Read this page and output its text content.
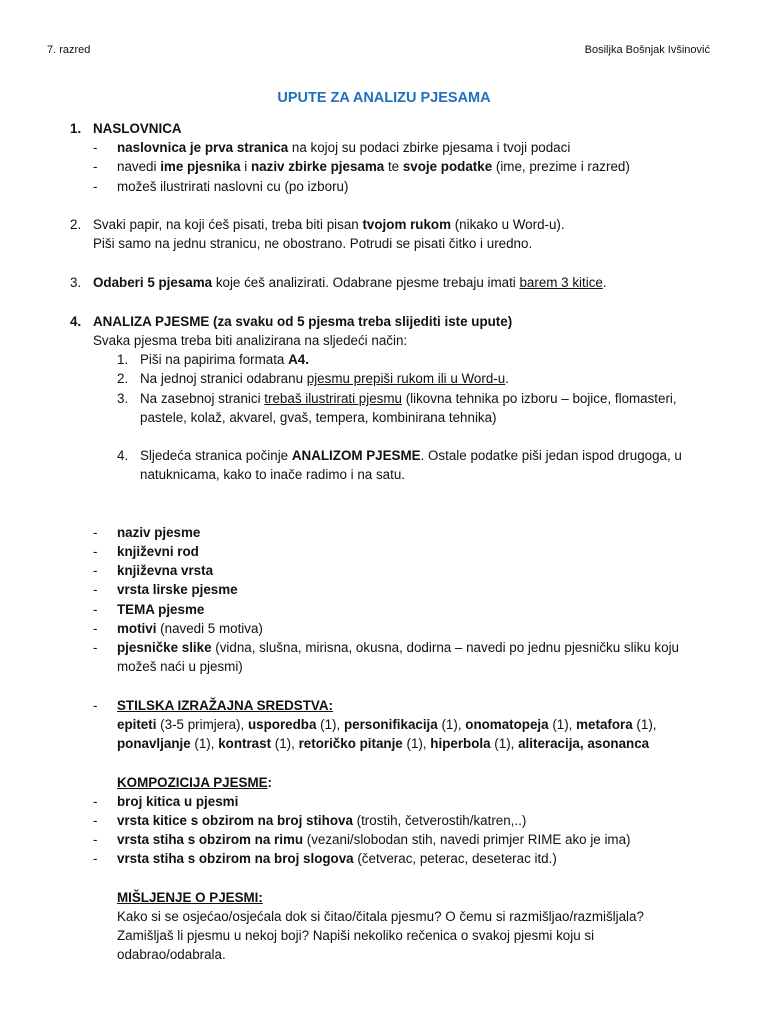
7. razred	Bosiljka Bošnjak Ivšinović
UPUTE ZA ANALIZU PJESAMA
1. NASLOVNICA
- naslovnica je prva stranica na kojoj su podaci zbirke pjesama i tvoji podaci
- navedi ime pjesnika i naziv zbirke pjesama te svoje podatke (ime, prezime i razred)
- možeš ilustrirati naslovni cu (po izboru)
2. Svaki papir, na koji ćeš pisati, treba biti pisan tvojom rukom (nikako u Word-u).
Piši samo na jednu stranicu, ne obostrano. Potrudi se pisati čitko i uredno.
3. Odaberi 5 pjesama koje ćeš analizirati. Odabrane pjesme trebaju imati barem 3 kitice.
4. ANALIZA PJESME (za svaku od 5 pjesma treba slijediti iste upute)
Svaka pjesma treba biti analizirana na sljedeći način:
1. Piši na papirima formata A4.
2. Na jednoj stranici odabranu pjesmu prepiši rukom ili u Word-u.
3. Na zasebnoj stranici trebaš ilustrirati pjesmu (likovna tehnika po izboru – bojice, flomasteri,
pastele, kolaž, akvarel, gvaš, tempera, kombinirana tehnika)
4. Sljedeća stranica počinje ANALIZOM PJESME. Ostale podatke piši jedan ispod drugoga, u
natuknicama, kako to inače radimo i na satu.
- naziv pjesme
- književni rod
- književna vrsta
- vrsta lirske pjesme
- TEMA pjesme
- motivi (navedi 5 motiva)
- pjesničke slike (vidna, slušna, mirisna, okusna, dodirna – navedi po jednu pjesničku sliku koju
možeš naći u pjesmi)
- STILSKA IZRAŽAJNA SREDSTVA:
epiteti (3-5 primjera), usporedba (1), personifikacija (1), onomatopeja (1), metafora (1),
ponavljanje (1), kontrast (1), retoričko pitanje (1), hiperbola (1), aliteracija, asonanca
KOMPOZICIJA PJESME:
- broj kitica u pjesmi
- vrsta kitice s obzirom na broj stihova (trostih, četverostih/katren,..)
- vrsta stiha s obzirom na rimu (vezani/slobodan stih, navedi primjer RIME ako je ima)
- vrsta stiha s obzirom na broj slogova (četverac, peterac, deseterac itd.)
MIŠLJENJE O PJESMI:
Kako si se osjećao/osjećala dok si čitao/čitala pjesmu? O čemu si razmišljao/razmišljala?
Zamišljaš li pjesmu u nekoj boji? Napiši nekoliko rečenica o svakoj pjesmi koju si
odabrao/odabrala.
